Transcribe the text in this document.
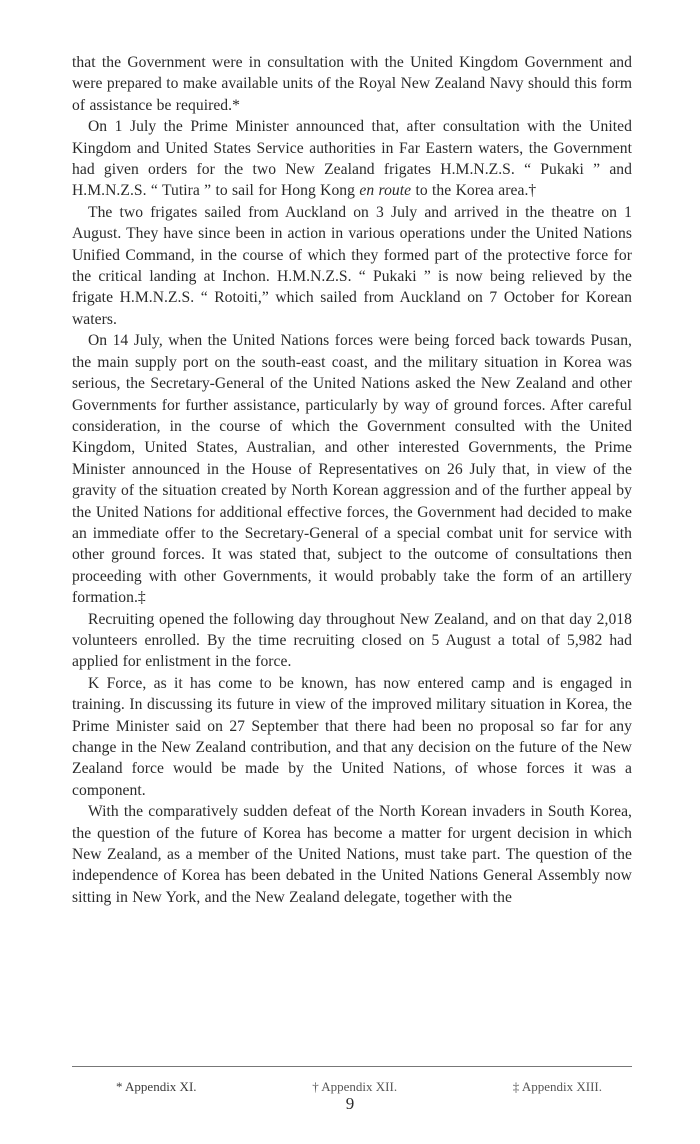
that the Government were in consultation with the United Kingdom Government and were prepared to make available units of the Royal New Zealand Navy should this form of assistance be required.*

On 1 July the Prime Minister announced that, after consultation with the United Kingdom and United States Service authorities in Far Eastern waters, the Government had given orders for the two New Zealand frigates H.M.N.Z.S. “ Pukaki ” and H.M.N.Z.S. “ Tutira ” to sail for Hong Kong en route to the Korea area.†

The two frigates sailed from Auckland on 3 July and arrived in the theatre on 1 August. They have since been in action in various operations under the United Nations Unified Command, in the course of which they formed part of the protective force for the critical landing at Inchon. H.M.N.Z.S. “ Pukaki ” is now being relieved by the frigate H.M.N.Z.S. “ Rotoiti,” which sailed from Auckland on 7 October for Korean waters.

On 14 July, when the United Nations forces were being forced back towards Pusan, the main supply port on the south-east coast, and the military situation in Korea was serious, the Secretary-General of the United Nations asked the New Zealand and other Governments for further assistance, particularly by way of ground forces. After careful consideration, in the course of which the Government consulted with the United Kingdom, United States, Australian, and other interested Governments, the Prime Minister announced in the House of Representatives on 26 July that, in view of the gravity of the situation created by North Korean aggression and of the further appeal by the United Nations for additional effective forces, the Government had decided to make an immediate offer to the Secretary-General of a special combat unit for service with other ground forces. It was stated that, subject to the outcome of consultations then proceeding with other Governments, it would probably take the form of an artillery formation.‡

Recruiting opened the following day throughout New Zealand, and on that day 2,018 volunteers enrolled. By the time recruiting closed on 5 August a total of 5,982 had applied for enlistment in the force.

K Force, as it has come to be known, has now entered camp and is engaged in training. In discussing its future in view of the improved military situation in Korea, the Prime Minister said on 27 September that there had been no proposal so far for any change in the New Zealand contribution, and that any decision on the future of the New Zealand force would be made by the United Nations, of whose forces it was a component.

With the comparatively sudden defeat of the North Korean invaders in South Korea, the question of the future of Korea has become a matter for urgent decision in which New Zealand, as a member of the United Nations, must take part. The question of the independence of Korea has been debated in the United Nations General Assembly now sitting in New York, and the New Zealand delegate, together with the

* Appendix XI.	† Appendix XII.	‡ Appendix XIII.
9
